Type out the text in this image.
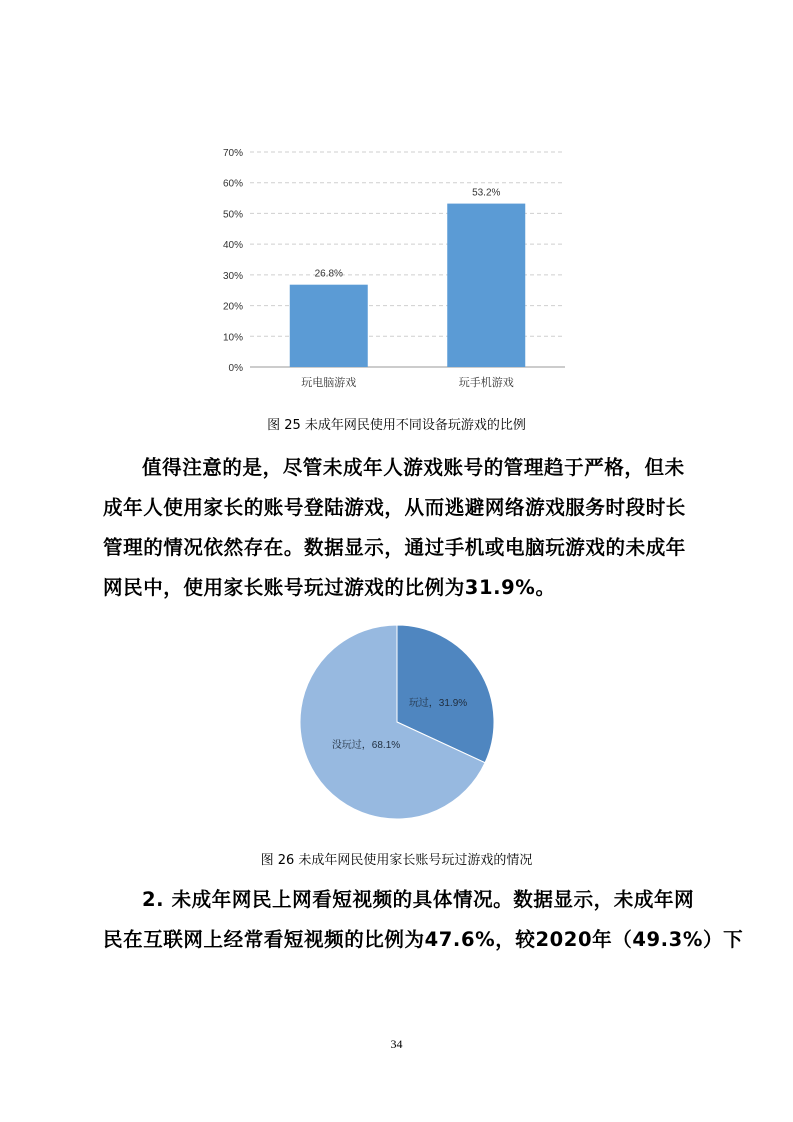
0%
10%
20%
30%
40%
50%
60%
70%
26.8%
玩电脑游戏
53.2%
玩手机游戏
图 25 未成年网民使用不同设备玩游戏的比例
值得注意的是，尽管未成年人游戏账号的管理趋于严格，但未
成年人使用家长的账号登陆游戏，从而逃避网络游戏服务时段时长
管理的情况依然存在。数据显示，通过手机或电脑玩游戏的未成年
网民中，使用家长账号玩过游戏的比例为31.9%。
玩过，31.9%
没玩过，68.1%
图 26 未成年网民使用家长账号玩过游戏的情况
2. 未成年网民上网看短视频的具体情况。数据显示，未成年网
民在互联网上经常看短视频的比例为47.6%，较2020年（49.3%）下
34
